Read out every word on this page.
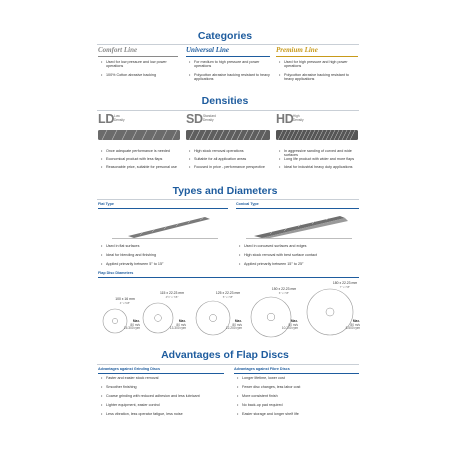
Categories
Comfort Line
• Used for low pressure and low power operations
• 100% Cotton abrasive backing
Universal Line
• For medium to high pressure and power operations
• Polycotton abrasive backing resistant to heavy applications
Premium Line
• Used for high pressure and high power operations
• Polycotton abrasive backing resistant to heavy applications
Densities
LD Low
Density
• Once adequate performance is needed
• Economical product with less flaps
• Reasonable price, suitable for personal use
SD Standard
Density
• High stock removal operations
• Suitable for all application areas
• Focused in price - performance perspective
HD High
Density
• In aggressive sanding of curved and wide surfaces
• Long life product with wider and more flaps
• Ideal for industrial heavy duty applications
Types and Diameters
Flat Type
• Used in flat surfaces
• Ideal for blending and finishing
• Applied primarily between 5° to 15°
Conical Type
• Used in concaved surfaces and edges
• High stock removal with best surface contact
• Applied primarily between 15° to 25°
Flap Disc Diameters
100 x 16 mm
4" x 5/8"
Max.
80 m/s
15.300 rpm
115 x 22.23 mm
4½" x 7/8"
Max.
80 m/s
13.300 rpm
125 x 22.23 mm
5" x 7/8"
Max.
80 m/s
12.200 rpm
150 x 22.23 mm
6" x 7/8"
Max.
80 m/s
10.200 rpm
180 x 22.23 mm
7" x 7/8"
Max.
80 m/s
8.500 rpm
Advantages of Flap Discs
Advantages against Grinding Discs
• Faster and easier stock removal
• Smoother finishing
• Coarse grinding with reduced adhesion and less lubricant
• Lighter equipment, easier control
• Less vibration, less operator fatigue, less noise
Advantages against Fibre Discs
• Longer lifetime, lower cost
• Fewer disc changes, less labor cost
• More consistent finish
• No back-up pad required
• Easier storage and longer shelf life
